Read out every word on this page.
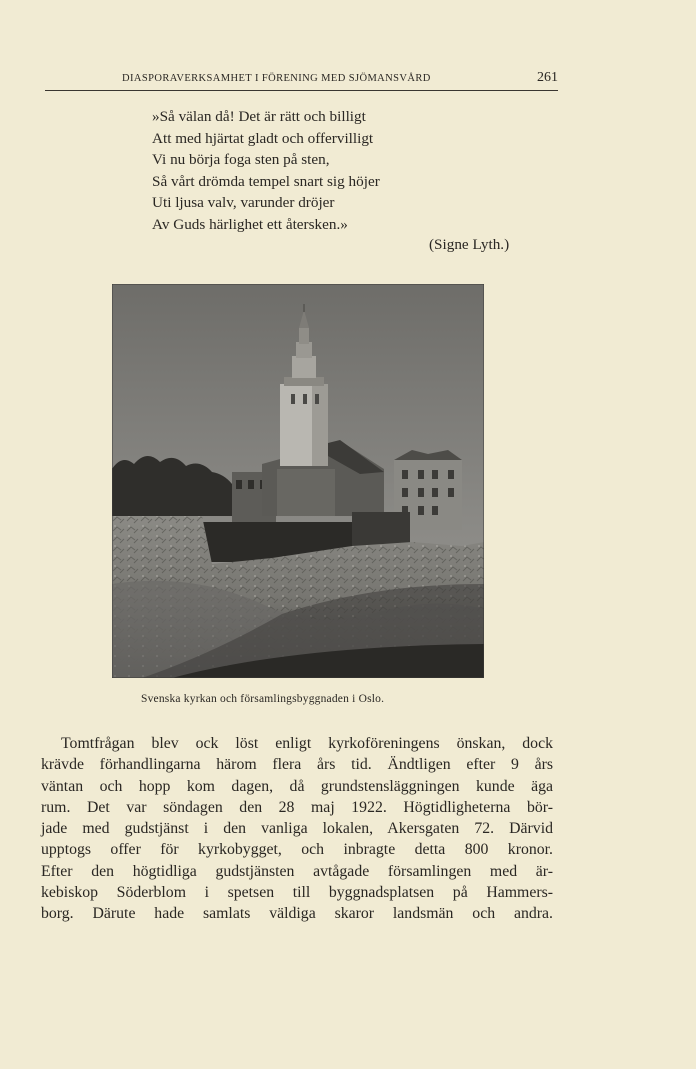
DIASPORAVERKSAMHET I FÖRENING MED SJÖMANSVÅRD	261
»Så välan då! Det är rätt och billigt
Att med hjärtat gladt och offervilligt
Vi nu börja foga sten på sten,
Så vårt drömda tempel snart sig höjer
Uti ljusa valv, varunder dröjer
Av Guds härlighet ett återsken.»
(Signe Lyth.)
Svenska kyrkan och församlingsbyggnaden i Oslo.
Tomtfrågan blev ock löst enligt kyrkoföreningens önskan, dock
krävde förhandlingarna härom flera års tid. Ändtligen efter 9 års
väntan och hopp kom dagen, då grundstensläggningen kunde äga
rum. Det var söndagen den 28 maj 1922. Högtidligheterna bör-
jade med gudstjänst i den vanliga lokalen, Akersgaten 72. Därvid
upptogs offer för kyrkobygget, och inbragte detta 800 kronor.
Efter den högtidliga gudstjänsten avtågade församlingen med är-
kebiskop Söderblom i spetsen till byggnadsplatsen på Hammers-
borg. Därute hade samlats väldiga skaror landsmän och andra.
